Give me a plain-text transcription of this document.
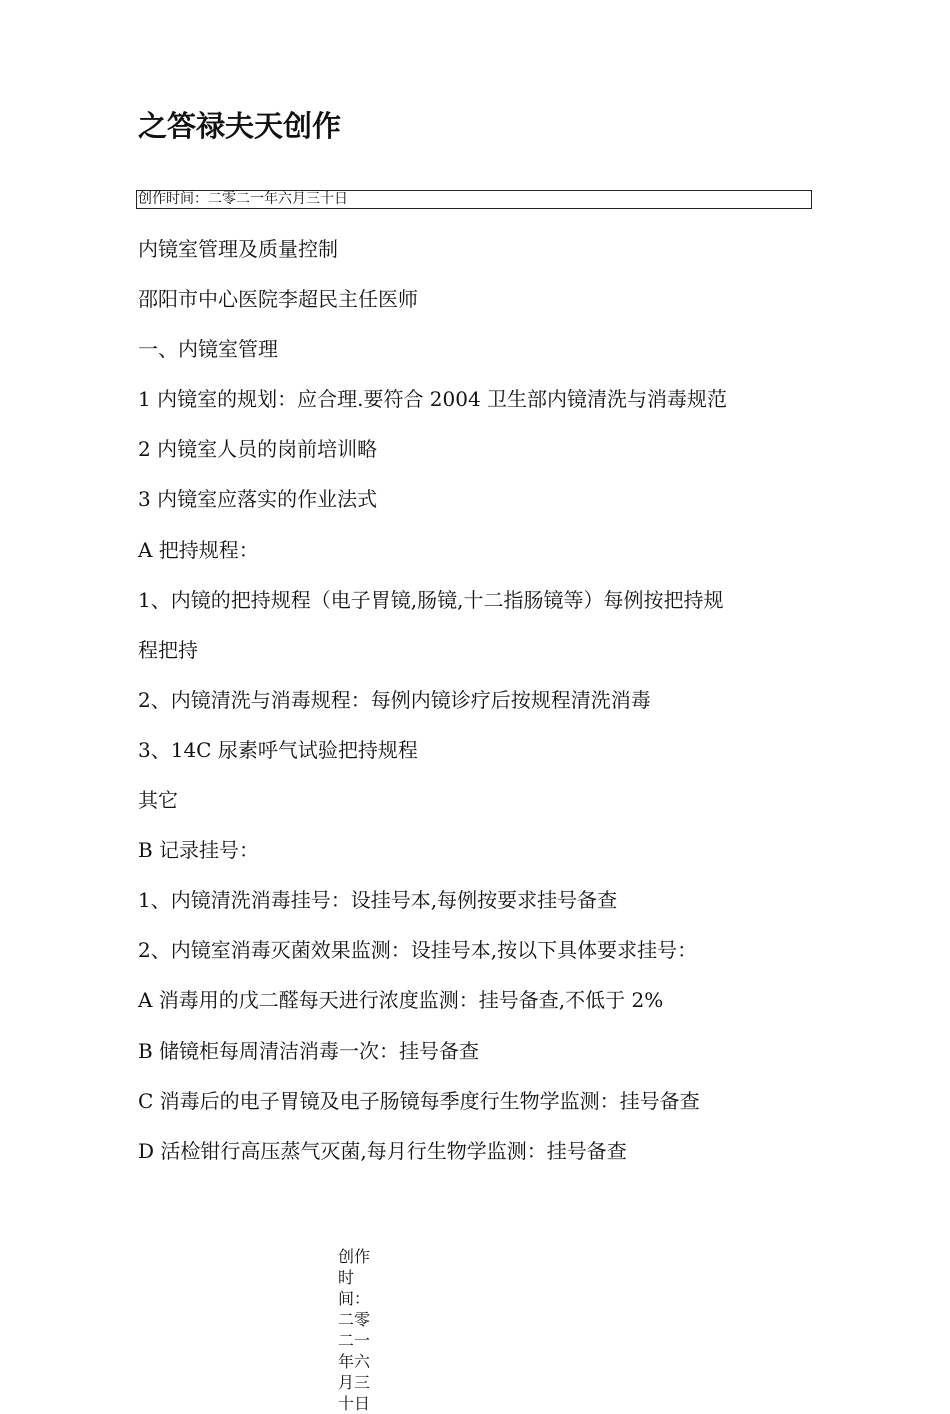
之答禄夫天创作
创作时间：二零二一年六月三十日
内镜室管理及质量控制
邵阳市中心医院李超民主任医师
一、内镜室管理
1 内镜室的规划：应合理.要符合 2004 卫生部内镜清洗与消毒规范
2 内镜室人员的岗前培训略
3 内镜室应落实的作业法式
A 把持规程：
1、内镜的把持规程（电子胃镜,肠镜,十二指肠镜等）每例按把持规
程把持
2、内镜清洗与消毒规程：每例内镜诊疗后按规程清洗消毒
3、14C 尿素呼气试验把持规程
其它
B 记录挂号：
1、内镜清洗消毒挂号：设挂号本,每例按要求挂号备查
2、内镜室消毒灭菌效果监测：设挂号本,按以下具体要求挂号：
A 消毒用的戊二醛每天进行浓度监测：挂号备查,不低于 2%
B 储镜柜每周清洁消毒一次：挂号备查
C 消毒后的电子胃镜及电子肠镜每季度行生物学监测：挂号备查
D 活检钳行高压蒸气灭菌,每月行生物学监测：挂号备查
创作时间：二零二一年六月三十日
